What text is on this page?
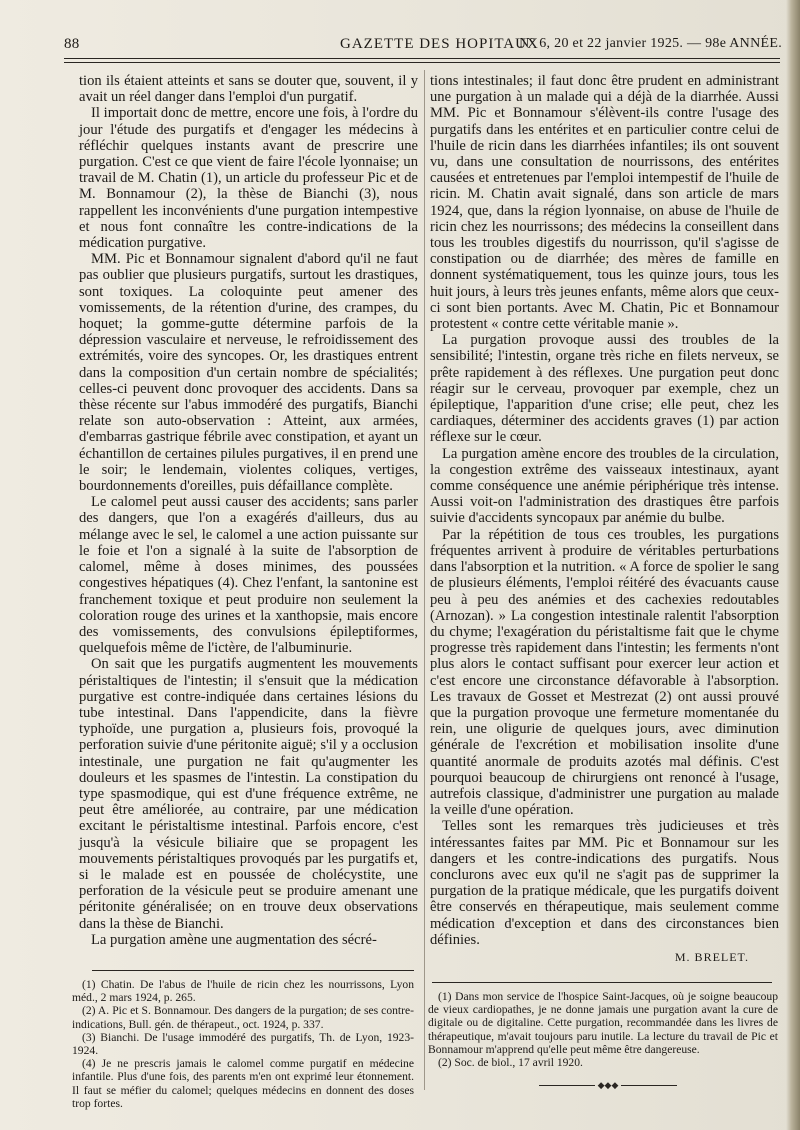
88	GAZETTE DES HOPITAUX
N° 6, 20 et 22 janvier 1925. — 98e ANNÉE.

tion ils étaient atteints et sans se douter que, souvent, il y avait un réel danger dans l'emploi d'un purgatif.

Il importait donc de mettre, encore une fois, à l'ordre du jour l'étude des purgatifs et d'engager les médecins à réfléchir quelques instants avant de prescrire une purgation. C'est ce que vient de faire l'école lyonnaise; un travail de M. Chatin (1), un article du professeur Pic et de M. Bonnamour (2), la thèse de Bianchi (3), nous rappellent les inconvénients d'une purgation intempestive et nous font connaître les contre-indications de la médication purgative.

MM. Pic et Bonnamour signalent d'abord qu'il ne faut pas oublier que plusieurs purgatifs, surtout les drastiques, sont toxiques. La coloquinte peut amener des vomissements, de la rétention d'urine, des crampes, du hoquet; la gomme-gutte détermine parfois de la dépression vasculaire et nerveuse, le refroidissement des extrémités, voire des syncopes. Or, les drastiques entrent dans la composition d'un certain nombre de spécialités; celles-ci peuvent donc provoquer des accidents. Dans sa thèse récente sur l'abus immodéré des purgatifs, Bianchi relate son auto-observation : Atteint, aux armées, d'embarras gastrique fébrile avec constipation, et ayant un échantillon de certaines pilules purgatives, il en prend une le soir; le lendemain, violentes coliques, vertiges, bourdonnements d'oreilles, puis défaillance complète.

Le calomel peut aussi causer des accidents; sans parler des dangers, que l'on a exagérés d'ailleurs, dus au mélange avec le sel, le calomel a une action puissante sur le foie et l'on a signalé à la suite de l'absorption de calomel, même à doses minimes, des poussées congestives hépatiques (4). Chez l'enfant, la santonine est franchement toxique et peut produire non seulement la coloration rouge des urines et la xanthopsie, mais encore des vomissements, des convulsions épileptiformes, quelquefois même de l'ictère, de l'albuminurie.

On sait que les purgatifs augmentent les mouvements péristaltiques de l'intestin; il s'ensuit que la médication purgative est contre-indiquée dans certaines lésions du tube intestinal. Dans l'appendicite, dans la fièvre typhoïde, une purgation a, plusieurs fois, provoqué la perforation suivie d'une péritonite aiguë; s'il y a occlusion intestinale, une purgation ne fait qu'augmenter les douleurs et les spasmes de l'intestin. La constipation du type spasmodique, qui est d'une fréquence extrême, ne peut être améliorée, au contraire, par une médication excitant le péristaltisme intestinal. Parfois encore, c'est jusqu'à la vésicule biliaire que se propagent les mouvements péristaltiques provoqués par les purgatifs et, si le malade est en poussée de cholécystite, une perforation de la vésicule peut se produire amenant une péritonite généralisée; on en trouve deux observations dans la thèse de Bianchi.

La purgation amène une augmentation des sécré-

tions intestinales; il faut donc être prudent en administrant une purgation à un malade qui a déjà de la diarrhée. Aussi MM. Pic et Bonnamour s'élèvent-ils contre l'usage des purgatifs dans les entérites et en particulier contre celui de l'huile de ricin dans les diarrhées infantiles; ils ont souvent vu, dans une consultation de nourrissons, des entérites causées et entretenues par l'emploi intempestif de l'huile de ricin. M. Chatin avait signalé, dans son article de mars 1924, que, dans la région lyonnaise, on abuse de l'huile de ricin chez les nourrissons; des médecins la conseillent dans tous les troubles digestifs du nourrisson, qu'il s'agisse de constipation ou de diarrhée; des mères de famille en donnent systématiquement, tous les quinze jours, tous les huit jours, à leurs très jeunes enfants, même alors que ceux-ci sont bien portants. Avec M. Chatin, Pic et Bonnamour protestent « contre cette véritable manie ».

La purgation provoque aussi des troubles de la sensibilité; l'intestin, organe très riche en filets nerveux, se prête rapidement à des réflexes. Une purgation peut donc réagir sur le cerveau, provoquer par exemple, chez un épileptique, l'apparition d'une crise; elle peut, chez les cardiaques, déterminer des accidents graves (1) par action réflexe sur le cœur.

La purgation amène encore des troubles de la circulation, la congestion extrême des vaisseaux intestinaux, ayant comme conséquence une anémie périphérique très intense. Aussi voit-on l'administration des drastiques être parfois suivie d'accidents syncopaux par anémie du bulbe.

Par la répétition de tous ces troubles, les purgations fréquentes arrivent à produire de véritables perturbations dans l'absorption et la nutrition. « A force de spolier le sang de plusieurs éléments, l'emploi réitéré des évacuants cause peu à peu des anémies et des cachexies redoutables (Arnozan). » La congestion intestinale ralentit l'absorption du chyme; l'exagération du péristaltisme fait que le chyme progresse très rapidement dans l'intestin; les ferments n'ont plus alors le contact suffisant pour exercer leur action et c'est encore une circonstance défavorable à l'absorption. Les travaux de Gosset et Mestrezat (2) ont aussi prouvé que la purgation provoque une fermeture momentanée du rein, une oligurie de quelques jours, avec diminution générale de l'excrétion et mobilisation insolite d'une quantité anormale de produits azotés mal définis. C'est pourquoi beaucoup de chirurgiens ont renoncé à l'usage, autrefois classique, d'administrer une purgation au malade la veille d'une opération.

Telles sont les remarques très judicieuses et très intéressantes faites par MM. Pic et Bonnamour sur les dangers et les contre-indications des purgatifs. Nous conclurons avec eux qu'il ne s'agit pas de supprimer la purgation de la pratique médicale, que les purgatifs doivent être conservés en thérapeutique, mais seulement comme médication d'exception et dans des circonstances bien définies.

M. BRELET.

(1) Chatin. De l'abus de l'huile de ricin chez les nourrissons, Lyon méd., 2 mars 1924, p. 265.

(2) A. Pic et S. Bonnamour. Des dangers de la purgation; de ses contre-indications, Bull. gén. de thérapeut., oct. 1924, p. 337.

(3) Bianchi. De l'usage immodéré des purgatifs, Th. de Lyon, 1923-1924.

(4) Je ne prescris jamais le calomel comme purgatif en médecine infantile. Plus d'une fois, des parents m'en ont exprimé leur étonnement. Il faut se méfier du calomel; quelques médecins en donnent des doses trop fortes.

(1) Dans mon service de l'hospice Saint-Jacques, où je soigne beaucoup de vieux cardiopathes, je ne donne jamais une purgation avant la cure de digitale ou de digitaline. Cette purgation, recommandée dans les livres de thérapeutique, m'avait toujours paru inutile. La lecture du travail de Pic et Bonnamour m'apprend qu'elle peut même être dangereuse.

(2) Soc. de biol., 17 avril 1920.

◆◆◆
